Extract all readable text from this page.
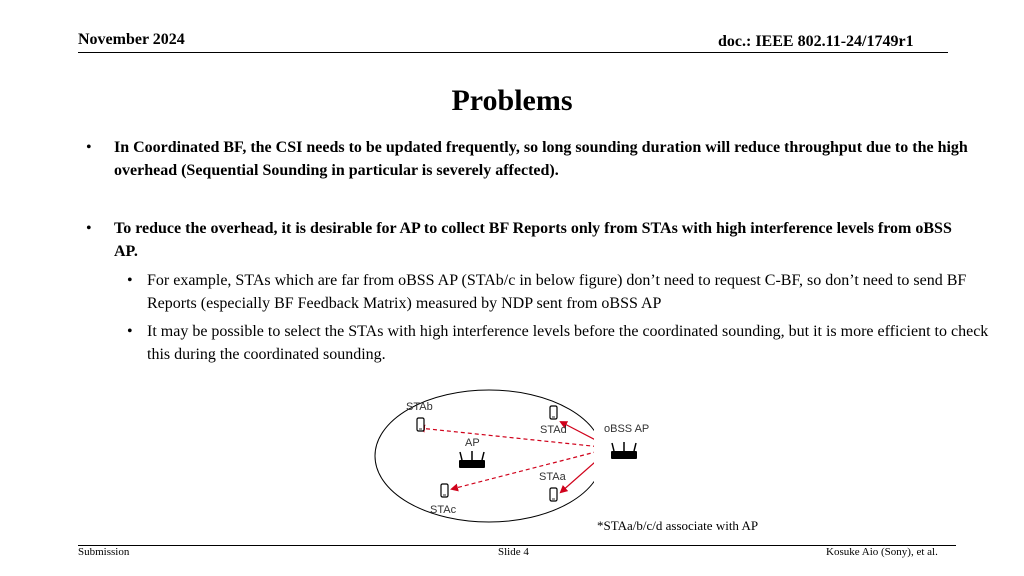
November 2024	doc.: IEEE 802.11-24/1749r1
Problems
• In Coordinated BF, the CSI needs to be updated frequently, so long sounding duration will reduce throughput due to the high overhead (Sequential Sounding in particular is severely affected).
• To reduce the overhead, it is desirable for AP to collect BF Reports only from STAs with high interference levels from oBSS AP.
• For example, STAs which are far from oBSS AP (STAb/c in below figure) don’t need to request C-BF, so don’t need to send BF Reports (especially BF Feedback Matrix) measured by NDP sent from oBSS AP
• It may be possible to select the STAs with high interference levels before the coordinated sounding, but it is more efficient to check this during the coordinated sounding.
STAb
STAd
AP
STAa
STAc
oBSS AP
*STAa/b/c/d associate with AP
Submission	Slide 4	Kosuke Aio (Sony), et al.
